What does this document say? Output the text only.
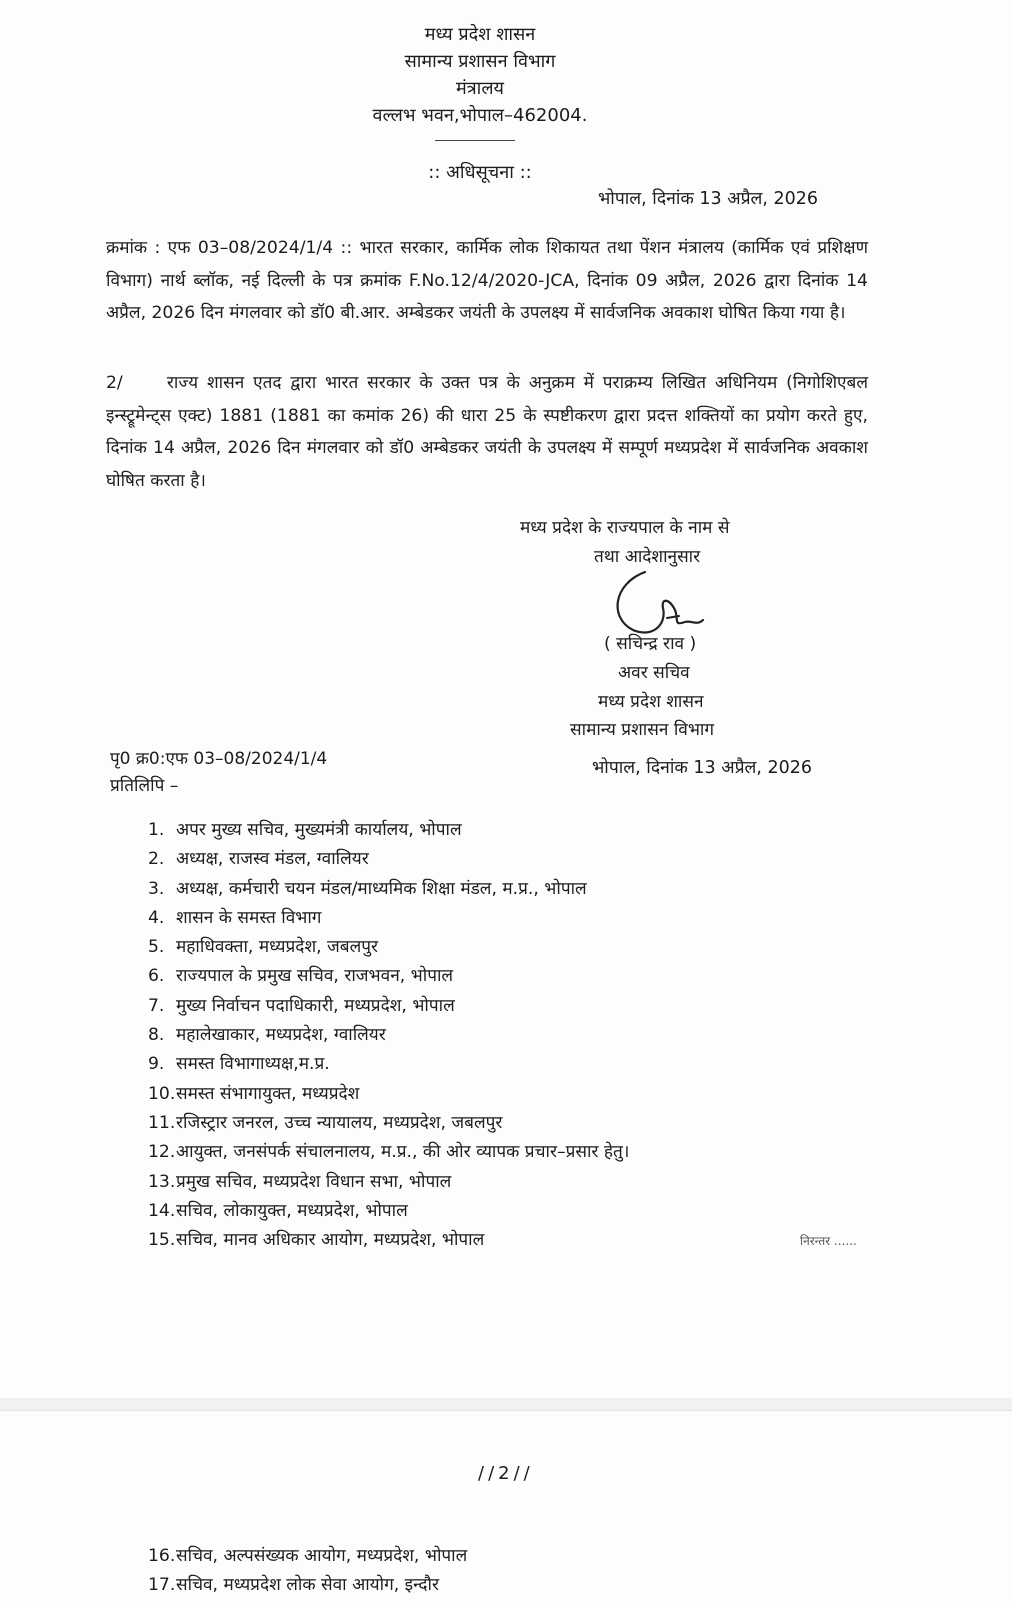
मध्य प्रदेश शासन
सामान्य प्रशासन विभाग
मंत्रालय
वल्लभ भवन,भोपाल–462004.
:: अधिसूचना ::
भोपाल, दिनांक 13 अप्रैल, 2026
क्रमांक : एफ 03–08/2024/1/4 :: भारत सरकार, कार्मिक लोक शिकायत तथा पेंशन मंत्रालय (कार्मिक एवं प्रशिक्षण विभाग) नार्थ ब्लॉक, नई दिल्ली के पत्र क्रमांक F.No.12/4/2020-JCA, दिनांक 09 अप्रैल, 2026 द्वारा दिनांक 14 अप्रैल, 2026 दिन मंगलवार को डॉ0 बी.आर. अम्बेडकर जयंती के उपलक्ष्य में सार्वजनिक अवकाश घोषित किया गया है।
2/     राज्य शासन एतद द्वारा भारत सरकार के उक्त पत्र के अनुक्रम में पराक्रम्य लिखित अधिनियम (निगोशिएबल इन्स्ट्रूमेन्ट्स एक्ट) 1881 (1881 का कमांक 26) की धारा 25 के स्पष्टीकरण द्वारा प्रदत्त शक्तियों का प्रयोग करते हुए, दिनांक 14 अप्रैल, 2026 दिन मंगलवार को डॉ0 अम्बेडकर जयंती के उपलक्ष्य में सम्पूर्ण मध्यप्रदेश में सार्वजनिक अवकाश घोषित करता है।
मध्य प्रदेश के राज्यपाल के नाम से
तथा आदेशानुसार
( सचिन्द्र राव )
अवर सचिव
मध्य प्रदेश शासन
सामान्य प्रशासन विभाग
पृ0 क्र0:एफ 03–08/2024/1/4	भोपाल, दिनांक 13 अप्रैल, 2026
प्रतिलिपि –
1. अपर मुख्य सचिव, मुख्यमंत्री कार्यालय, भोपाल
2. अध्यक्ष, राजस्व मंडल, ग्वालियर
3. अध्यक्ष, कर्मचारी चयन मंडल/माध्यमिक शिक्षा मंडल, म.प्र., भोपाल
4. शासन के समस्त विभाग
5. महाधिवक्ता, मध्यप्रदेश, जबलपुर
6. राज्यपाल के प्रमुख सचिव, राजभवन, भोपाल
7. मुख्य निर्वाचन पदाधिकारी, मध्यप्रदेश, भोपाल
8. महालेखाकार, मध्यप्रदेश, ग्वालियर
9. समस्त विभागाध्यक्ष,म.प्र.
10.समस्त संभागायुक्त, मध्यप्रदेश
11.रजिस्ट्रार जनरल, उच्च न्यायालय, मध्यप्रदेश, जबलपुर
12.आयुक्त, जनसंपर्क संचालनालय, म.प्र., की ओर व्यापक प्रचार–प्रसार हेतु।
13.प्रमुख सचिव, मध्यप्रदेश विधान सभा, भोपाल
14.सचिव, लोकायुक्त, मध्यप्रदेश, भोपाल
15.सचिव, मानव अधिकार आयोग, मध्यप्रदेश, भोपाल	निरन्तर ......
//2//
16.सचिव, अल्पसंख्यक आयोग, मध्यप्रदेश, भोपाल
17.सचिव, मध्यप्रदेश लोक सेवा आयोग, इन्दौर
